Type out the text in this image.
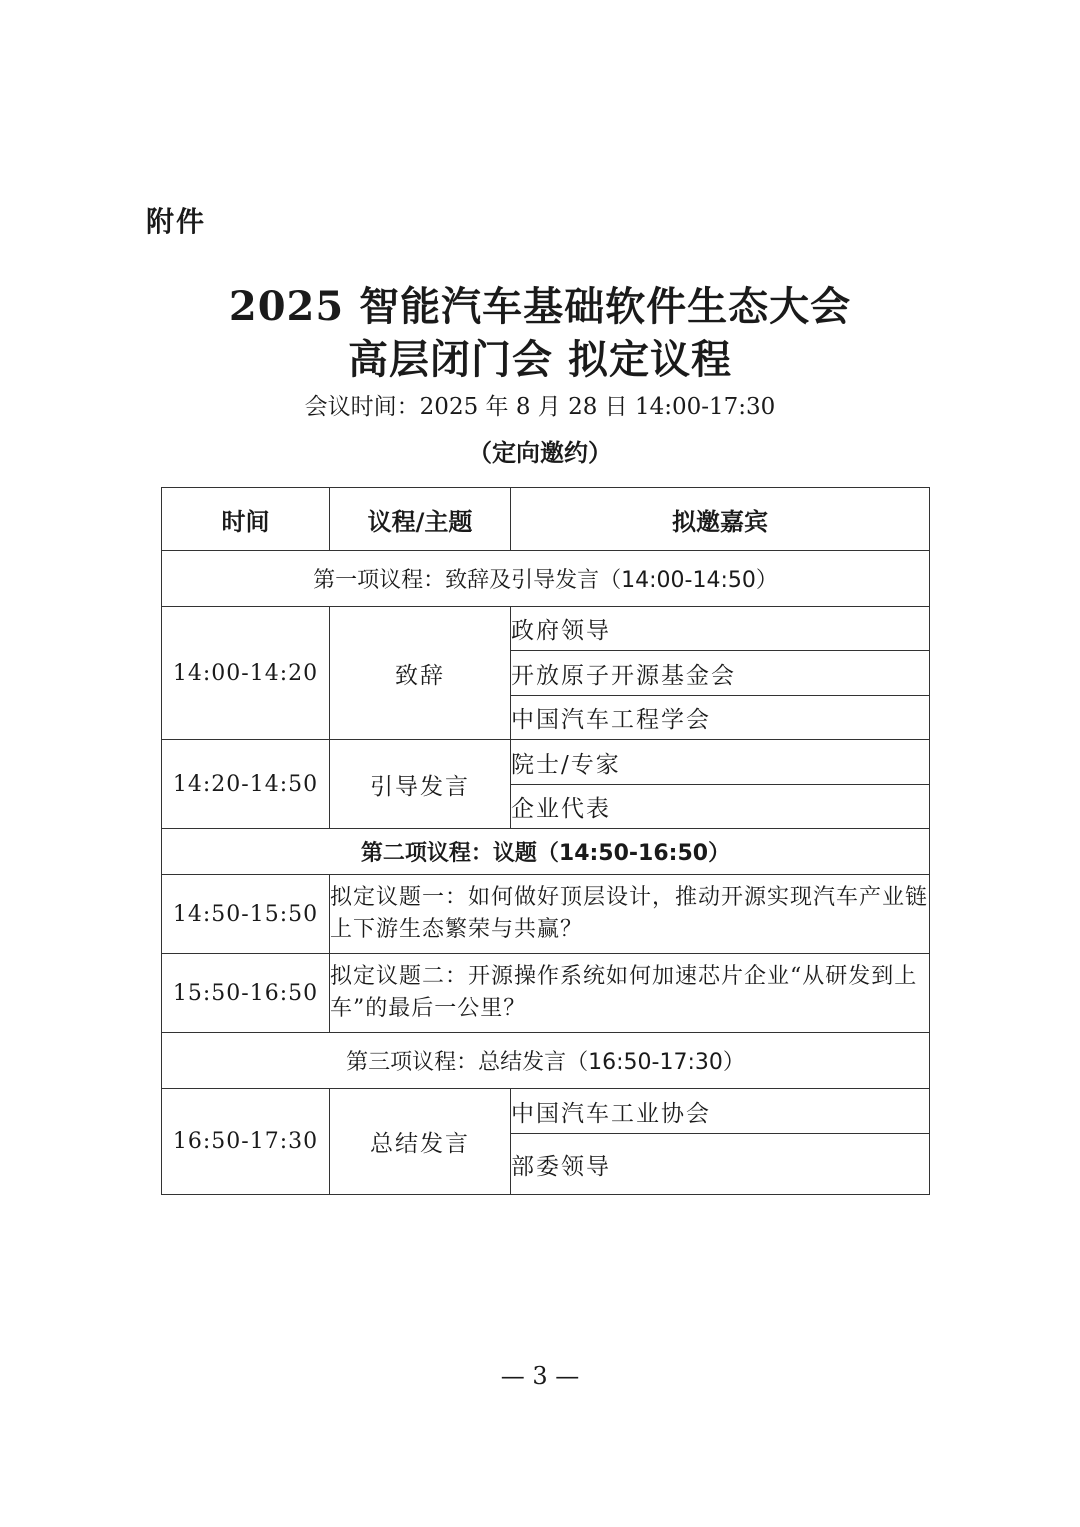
附件
2025 智能汽车基础软件生态大会
高层闭门会 拟定议程
会议时间：2025 年 8 月 28 日 14:00-17:30
（定向邀约）
时间	议程/主题	拟邀嘉宾
第一项议程：致辞及引导发言（14:00-14:50）		
14:00-14:20	致辞	政府领导
		开放原子开源基金会
		中国汽车工程学会
14:20-14:50	引导发言	院士/专家
		企业代表
第二项议程：议题（14:50-16:50）		
14:50-15:50	拟定议题一：如何做好顶层设计，推动开源实现汽车产业链上下游生态繁荣与共赢？	
15:50-16:50	拟定议题二：开源操作系统如何加速芯片企业“从研发到上车”的最后一公里？	
第三项议程：总结发言（16:50-17:30）		
16:50-17:30	总结发言	中国汽车工业协会
		部委领导
— 3 —
